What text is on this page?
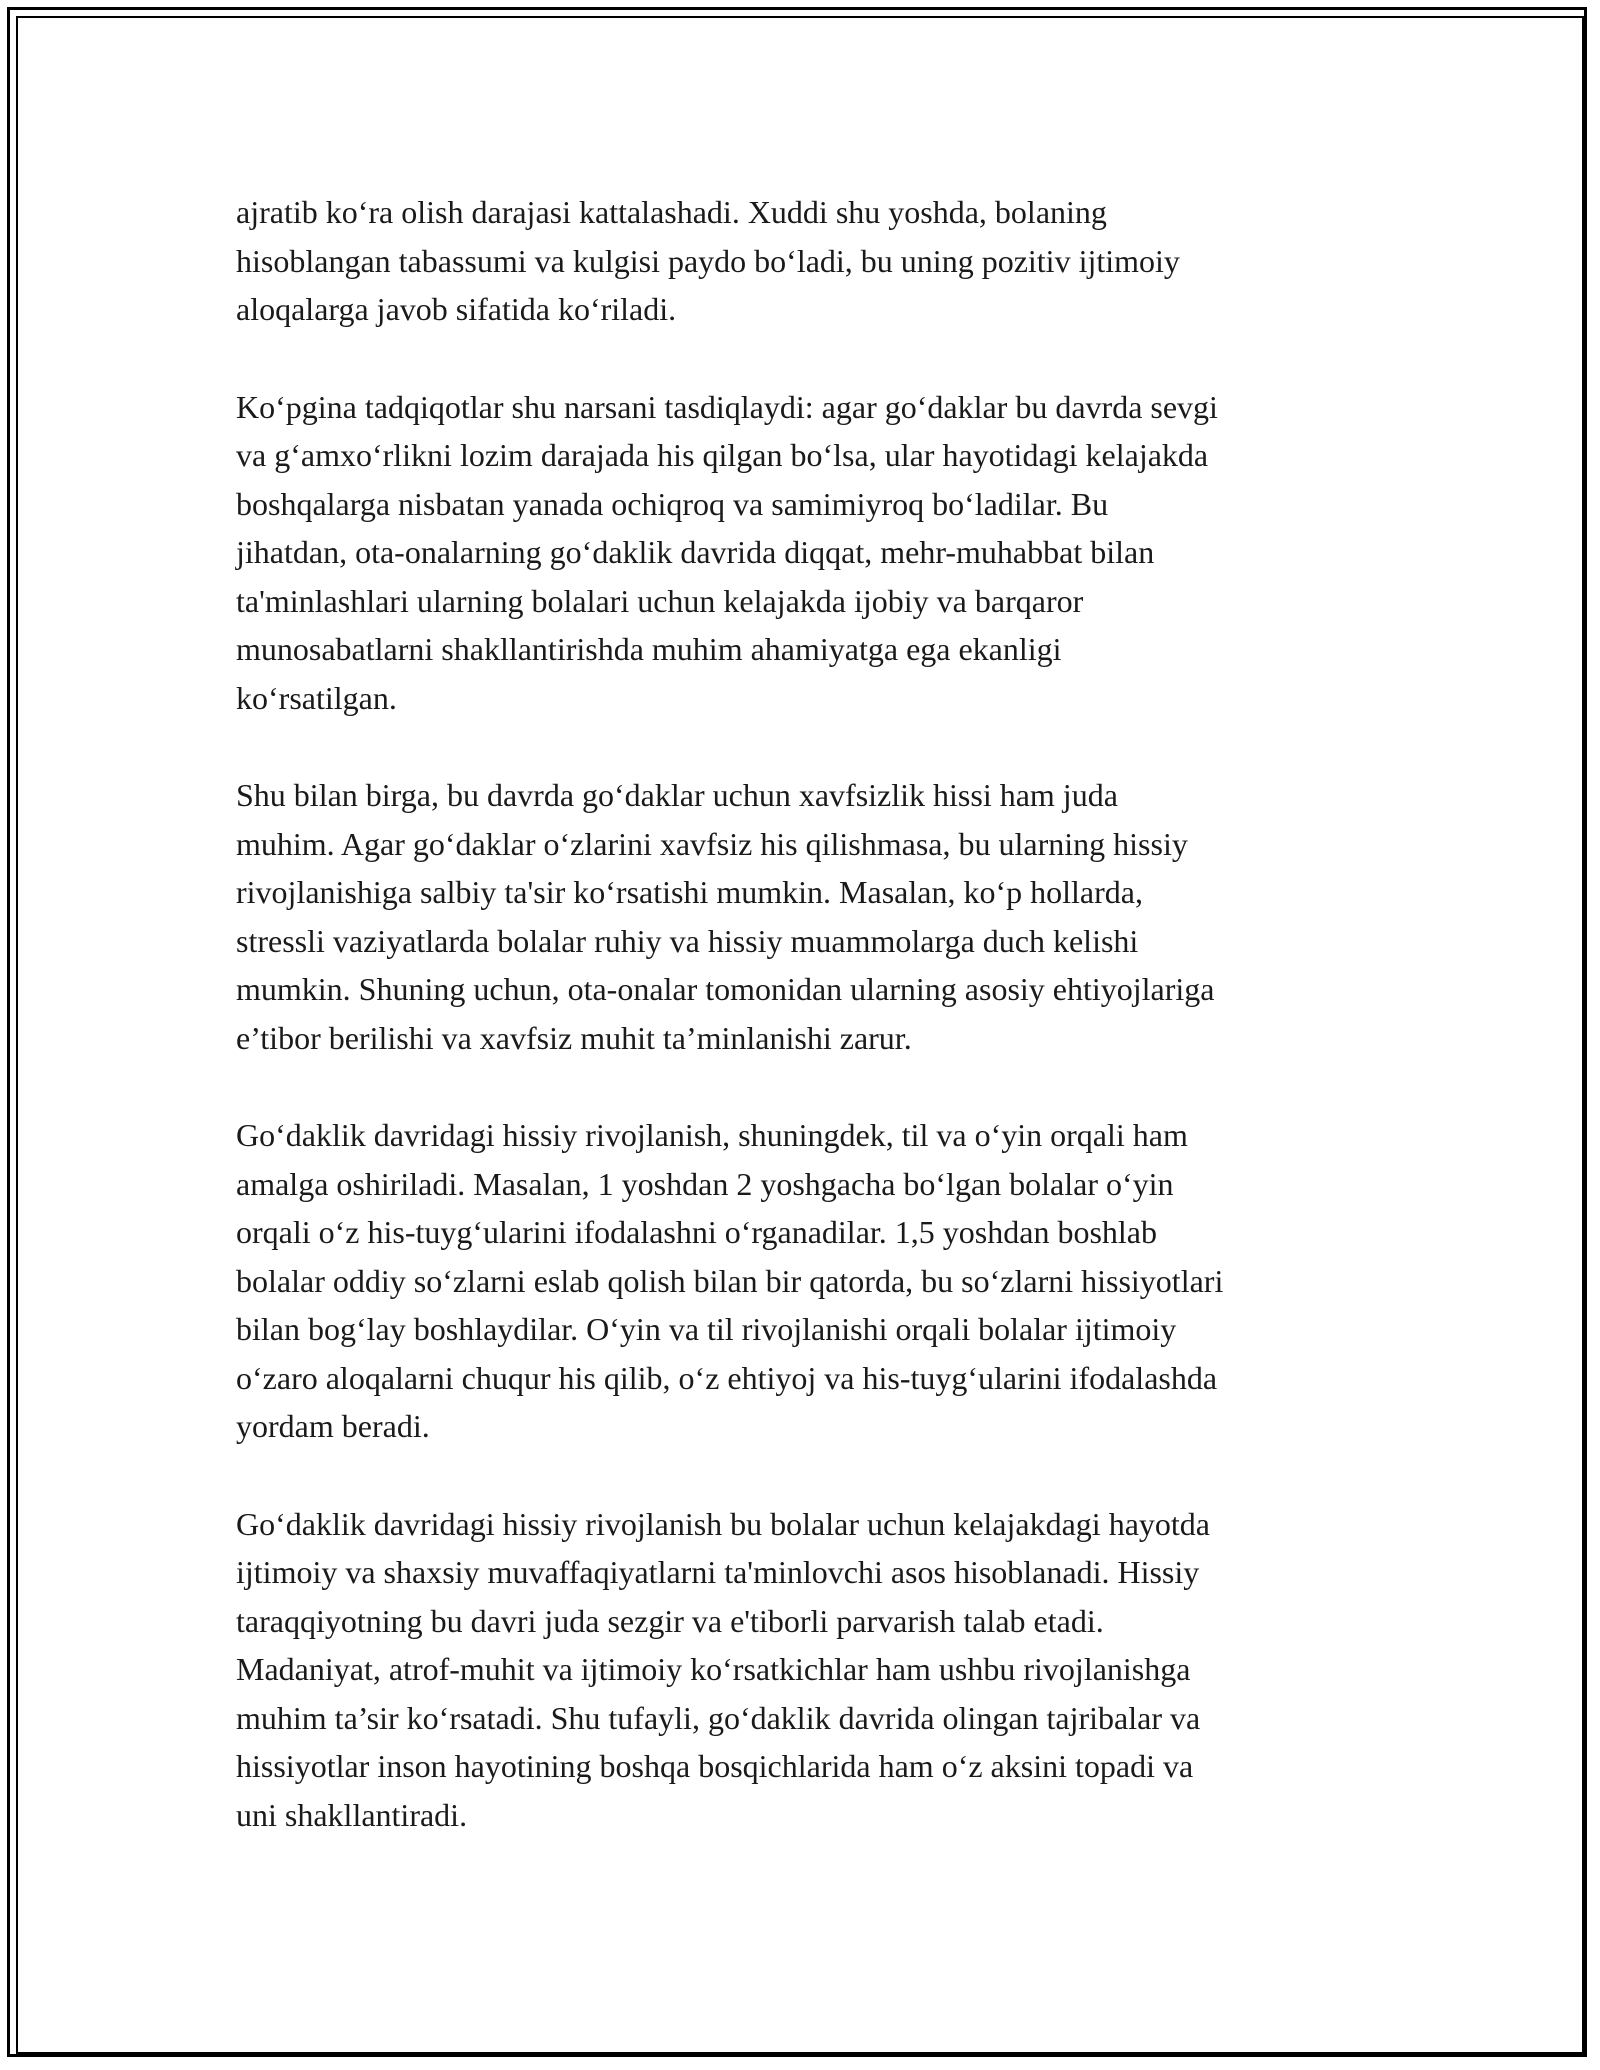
ajratib ko‘ra olish darajasi kattalashadi. Xuddi shu yoshda, bolaning
hisoblangan tabassumi va kulgisi paydo bo‘ladi, bu uning pozitiv ijtimoiy
aloqalarga javob sifatida ko‘riladi.

Ko‘pgina tadqiqotlar shu narsani tasdiqlaydi: agar go‘daklar bu davrda sevgi
va g‘amxo‘rlikni lozim darajada his qilgan bo‘lsa, ular hayotidagi kelajakda
boshqalarga nisbatan yanada ochiqroq va samimiyroq bo‘ladilar. Bu
jihatdan, ota-onalarning go‘daklik davrida diqqat, mehr-muhabbat bilan
ta'minlashlari ularning bolalari uchun kelajakda ijobiy va barqaror
munosabatlarni shakllantirishda muhim ahamiyatga ega ekanligi
ko‘rsatilgan.

Shu bilan birga, bu davrda go‘daklar uchun xavfsizlik hissi ham juda
muhim. Agar go‘daklar o‘zlarini xavfsiz his qilishmasa, bu ularning hissiy
rivojlanishiga salbiy ta'sir ko‘rsatishi mumkin. Masalan, ko‘p hollarda,
stressli vaziyatlarda bolalar ruhiy va hissiy muammolarga duch kelishi
mumkin. Shuning uchun, ota-onalar tomonidan ularning asosiy ehtiyojlariga
e’tibor berilishi va xavfsiz muhit ta’minlanishi zarur.

Go‘daklik davridagi hissiy rivojlanish, shuningdek, til va o‘yin orqali ham
amalga oshiriladi. Masalan, 1 yoshdan 2 yoshgacha bo‘lgan bolalar o‘yin
orqali o‘z his-tuyg‘ularini ifodalashni o‘rganadilar. 1,5 yoshdan boshlab
bolalar oddiy so‘zlarni eslab qolish bilan bir qatorda, bu so‘zlarni hissiyotlari
bilan bog‘lay boshlaydilar. O‘yin va til rivojlanishi orqali bolalar ijtimoiy
o‘zaro aloqalarni chuqur his qilib, o‘z ehtiyoj va his-tuyg‘ularini ifodalashda
yordam beradi.

Go‘daklik davridagi hissiy rivojlanish bu bolalar uchun kelajakdagi hayotda
ijtimoiy va shaxsiy muvaffaqiyatlarni ta'minlovchi asos hisoblanadi. Hissiy
taraqqiyotning bu davri juda sezgir va e'tiborli parvarish talab etadi.
Madaniyat, atrof-muhit va ijtimoiy ko‘rsatkichlar ham ushbu rivojlanishga
muhim ta’sir ko‘rsatadi. Shu tufayli, go‘daklik davrida olingan tajribalar va
hissiyotlar inson hayotining boshqa bosqichlarida ham o‘z aksini topadi va
uni shakllantiradi.
